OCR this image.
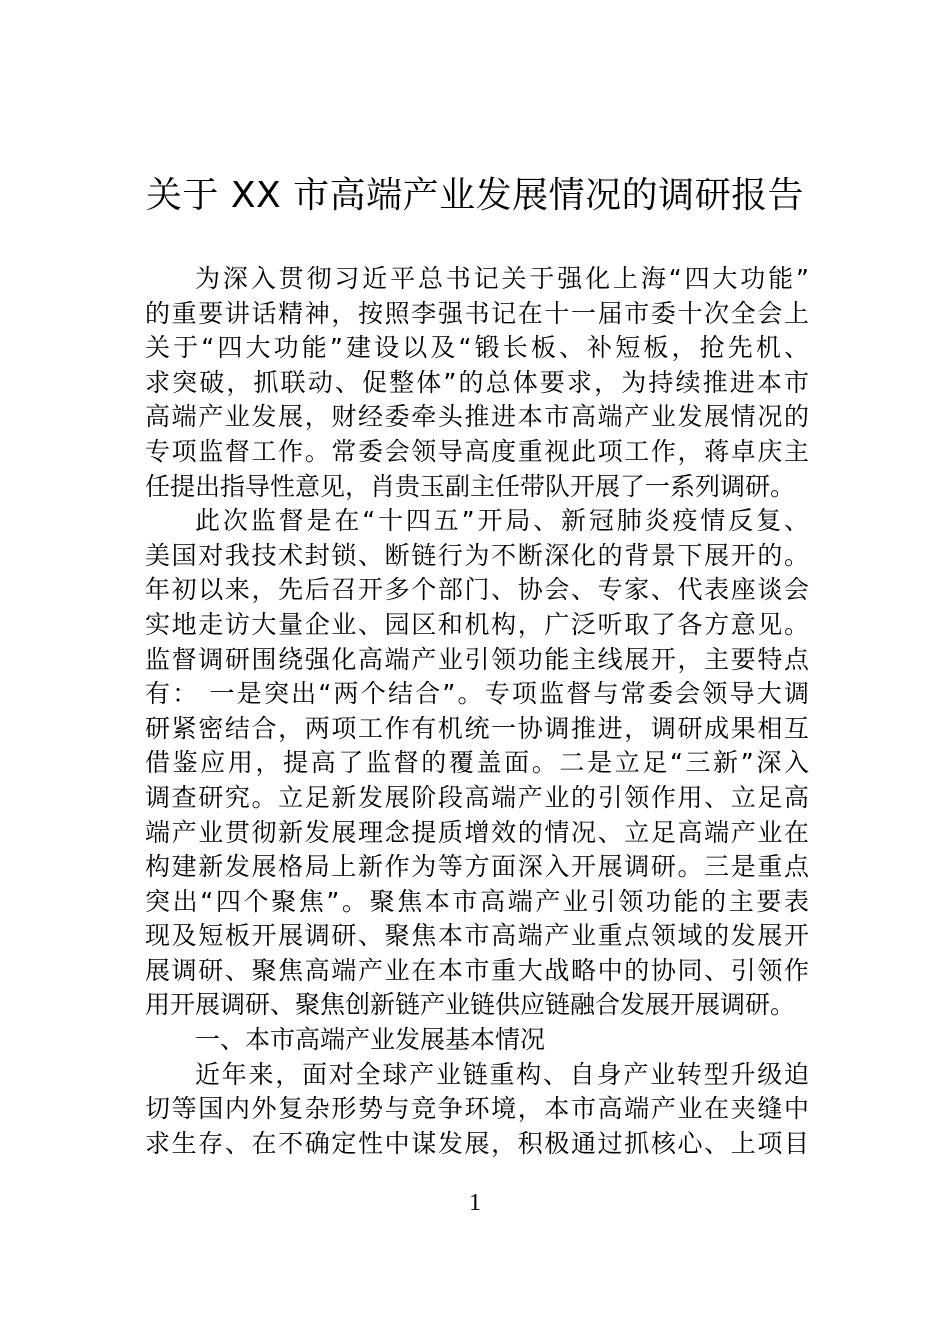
关于 XX 市高端产业发展情况的调研报告
为深入贯彻习近平总书记关于强化上海“四大功能”
的重要讲话精神，按照李强书记在十一届市委十次全会上
关于“四大功能”建设以及“锻长板、补短板，抢先机、
求突破，抓联动、促整体”的总体要求，为持续推进本市
高端产业发展，财经委牵头推进本市高端产业发展情况的
专项监督工作。常委会领导高度重视此项工作，蒋卓庆主
任提出指导性意见，肖贵玉副主任带队开展了一系列调研。
此次监督是在“十四五”开局、新冠肺炎疫情反复、
美国对我技术封锁、断链行为不断深化的背景下展开的。
年初以来，先后召开多个部门、协会、专家、代表座谈会
实地走访大量企业、园区和机构，广泛听取了各方意见。
监督调研围绕强化高端产业引领功能主线展开，主要特点
有： 一是突出“两个结合”。专项监督与常委会领导大调
研紧密结合，两项工作有机统一协调推进，调研成果相互
借鉴应用，提高了监督的覆盖面。二是立足“三新”深入
调查研究。立足新发展阶段高端产业的引领作用、立足高
端产业贯彻新发展理念提质增效的情况、立足高端产业在
构建新发展格局上新作为等方面深入开展调研。三是重点
突出“四个聚焦”。聚焦本市高端产业引领功能的主要表
现及短板开展调研、聚焦本市高端产业重点领域的发展开
展调研、聚焦高端产业在本市重大战略中的协同、引领作
用开展调研、聚焦创新链产业链供应链融合发展开展调研。
一、本市高端产业发展基本情况
近年来，面对全球产业链重构、自身产业转型升级迫
切等国内外复杂形势与竞争环境，本市高端产业在夹缝中
求生存、在不确定性中谋发展，积极通过抓核心、上项目
1
